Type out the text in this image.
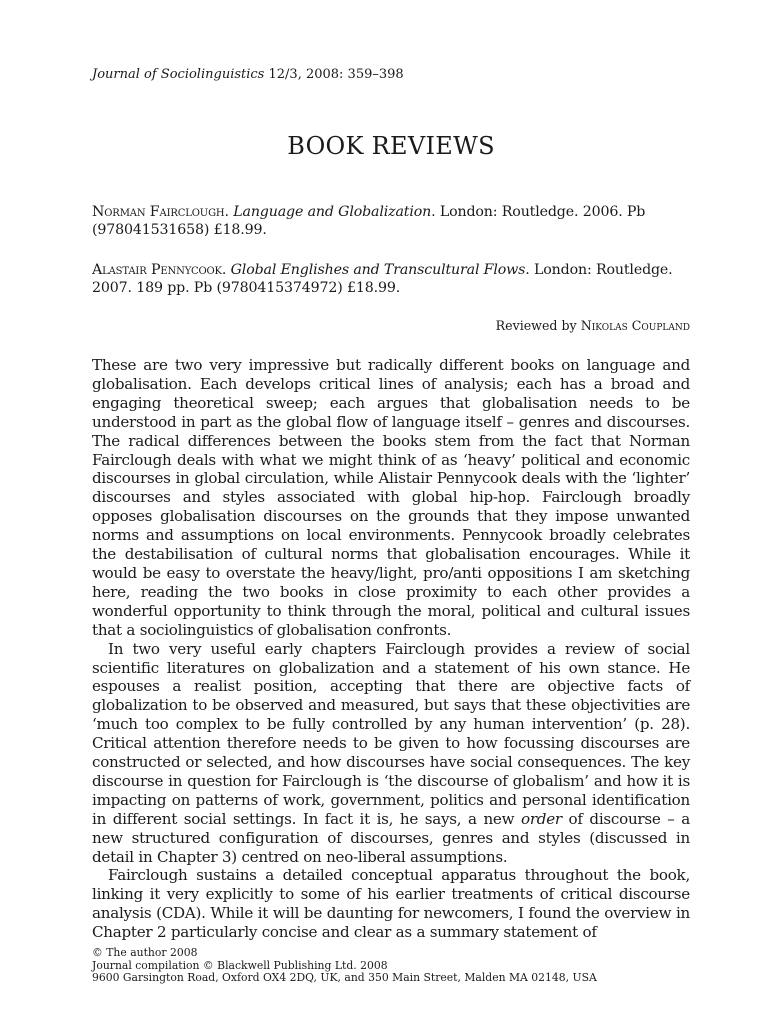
Journal of Sociolinguistics 12/3, 2008: 359–398
BOOK REVIEWS
Norman Fairclough. Language and Globalization. London: Routledge. 2006. Pb (978041531658) £18.99.
Alastair Pennycook. Global Englishes and Transcultural Flows. London: Routledge. 2007. 189 pp. Pb (9780415374972) £18.99.
Reviewed by Nikolas Coupland

These are two very impressive but radically different books on language and globalisation. Each develops critical lines of analysis; each has a broad and engaging theoretical sweep; each argues that globalisation needs to be understood in part as the global flow of language itself – genres and discourses. The radical differences between the books stem from the fact that Norman Fairclough deals with what we might think of as ‘heavy’ political and economic discourses in global circulation, while Alistair Pennycook deals with the ‘lighter’ discourses and styles associated with global hip-hop. Fairclough broadly opposes globalisation discourses on the grounds that they impose unwanted norms and assumptions on local environments. Pennycook broadly celebrates the destabilisation of cultural norms that globalisation encourages. While it would be easy to overstate the heavy/light, pro/anti oppositions I am sketching here, reading the two books in close proximity to each other provides a wonderful opportunity to think through the moral, political and cultural issues that a sociolinguistics of globalisation confronts.

In two very useful early chapters Fairclough provides a review of social scientific literatures on globalization and a statement of his own stance. He espouses a realist position, accepting that there are objective facts of globalization to be observed and measured, but says that these objectivities are ‘much too complex to be fully controlled by any human intervention’ (p. 28). Critical attention therefore needs to be given to how focussing discourses are constructed or selected, and how discourses have social consequences. The key discourse in question for Fairclough is ‘the discourse of globalism’ and how it is impacting on patterns of work, government, politics and personal identification in different social settings. In fact it is, he says, a new order of discourse – a new structured configuration of discourses, genres and styles (discussed in detail in Chapter 3) centred on neo-liberal assumptions.

Fairclough sustains a detailed conceptual apparatus throughout the book, linking it very explicitly to some of his earlier treatments of critical discourse analysis (CDA). While it will be daunting for newcomers, I found the overview in Chapter 2 particularly concise and clear as a summary statement of

© The author 2008
Journal compilation © Blackwell Publishing Ltd. 2008
9600 Garsington Road, Oxford OX4 2DQ, UK, and 350 Main Street, Malden MA 02148, USA
